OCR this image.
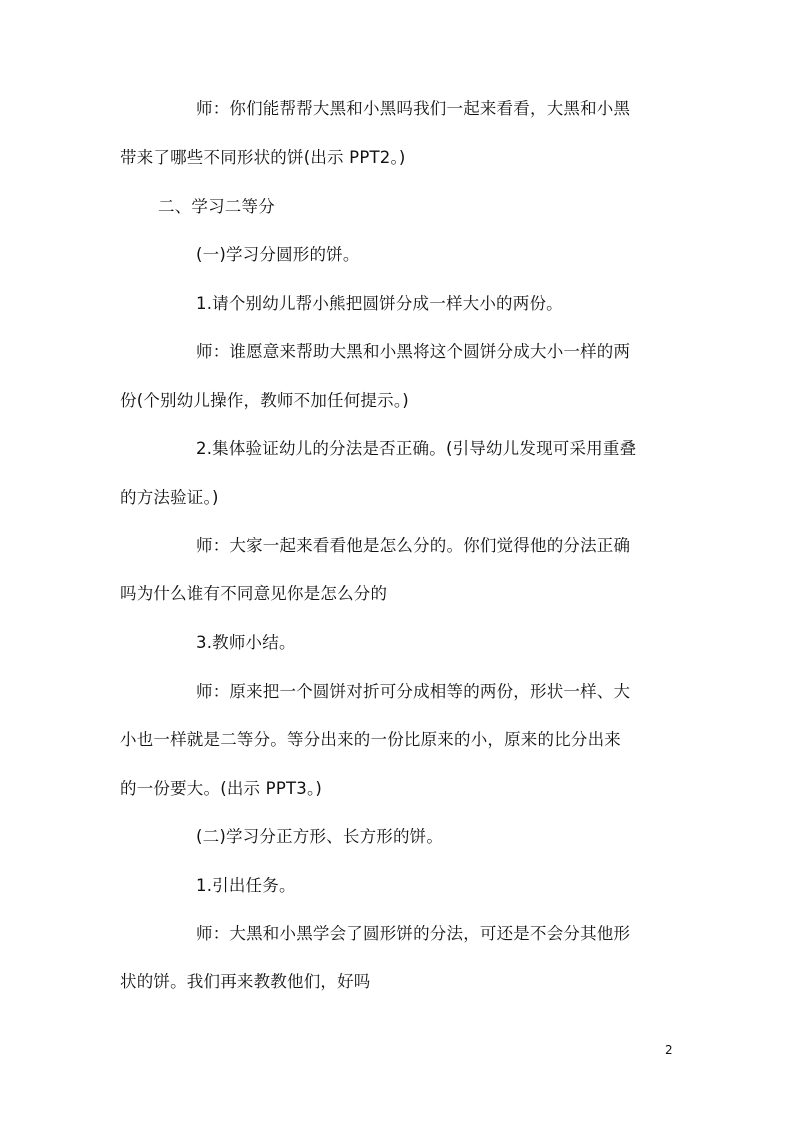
师：你们能帮帮大黑和小黑吗我们一起来看看，大黑和小黑
带来了哪些不同形状的饼(出示 PPT2。)
二、学习二等分
(一)学习分圆形的饼。
1.请个别幼儿帮小熊把圆饼分成一样大小的两份。
师：谁愿意来帮助大黑和小黑将这个圆饼分成大小一样的两
份(个别幼儿操作，教师不加任何提示。)
2.集体验证幼儿的分法是否正确。(引导幼儿发现可采用重叠
的方法验证。)
师：大家一起来看看他是怎么分的。你们觉得他的分法正确
吗为什么谁有不同意见你是怎么分的
3.教师小结。
师：原来把一个圆饼对折可分成相等的两份，形状一样、大
小也一样就是二等分。等分出来的一份比原来的小，原来的比分出来
的一份要大。(出示 PPT3。)
(二)学习分正方形、长方形的饼。
1.引出任务。
师：大黑和小黑学会了圆形饼的分法，可还是不会分其他形
状的饼。我们再来教教他们，好吗
2
